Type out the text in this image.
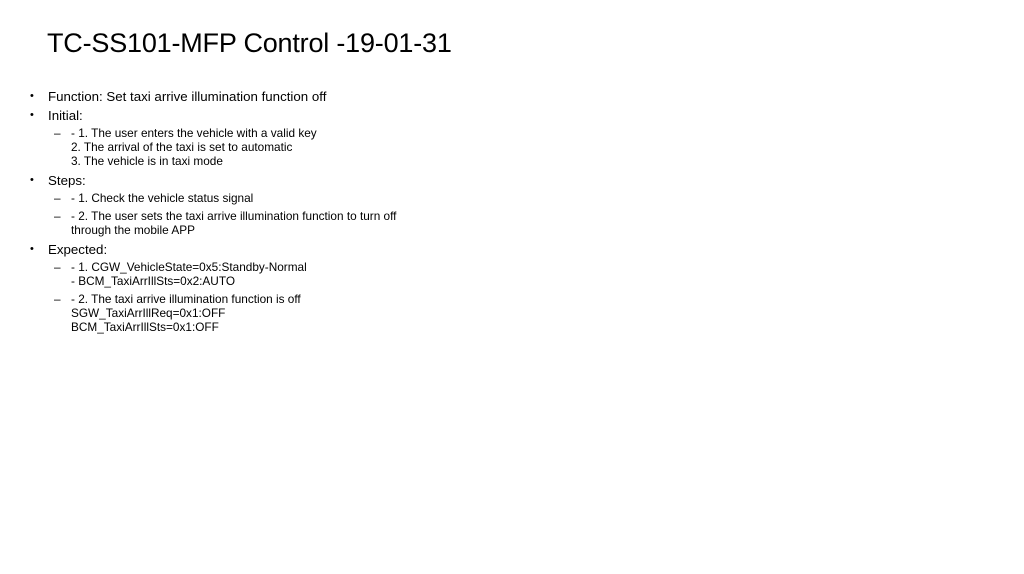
TC-SS101-MFP Control -19-01-31
• Function: Set taxi arrive illumination function off
• Initial:
– - 1. The user enters the vehicle with a valid key
2. The arrival of the taxi is set to automatic
3. The vehicle is in taxi mode
• Steps:
– - 1. Check the vehicle status signal
– - 2. The user sets the taxi arrive illumination function to turn off
through the mobile APP
• Expected:
– - 1. CGW_VehicleState=0x5:Standby-Normal
- BCM_TaxiArrIllSts=0x2:AUTO
– - 2. The taxi arrive illumination function is off
SGW_TaxiArrIllReq=0x1:OFF
BCM_TaxiArrIllSts=0x1:OFF
